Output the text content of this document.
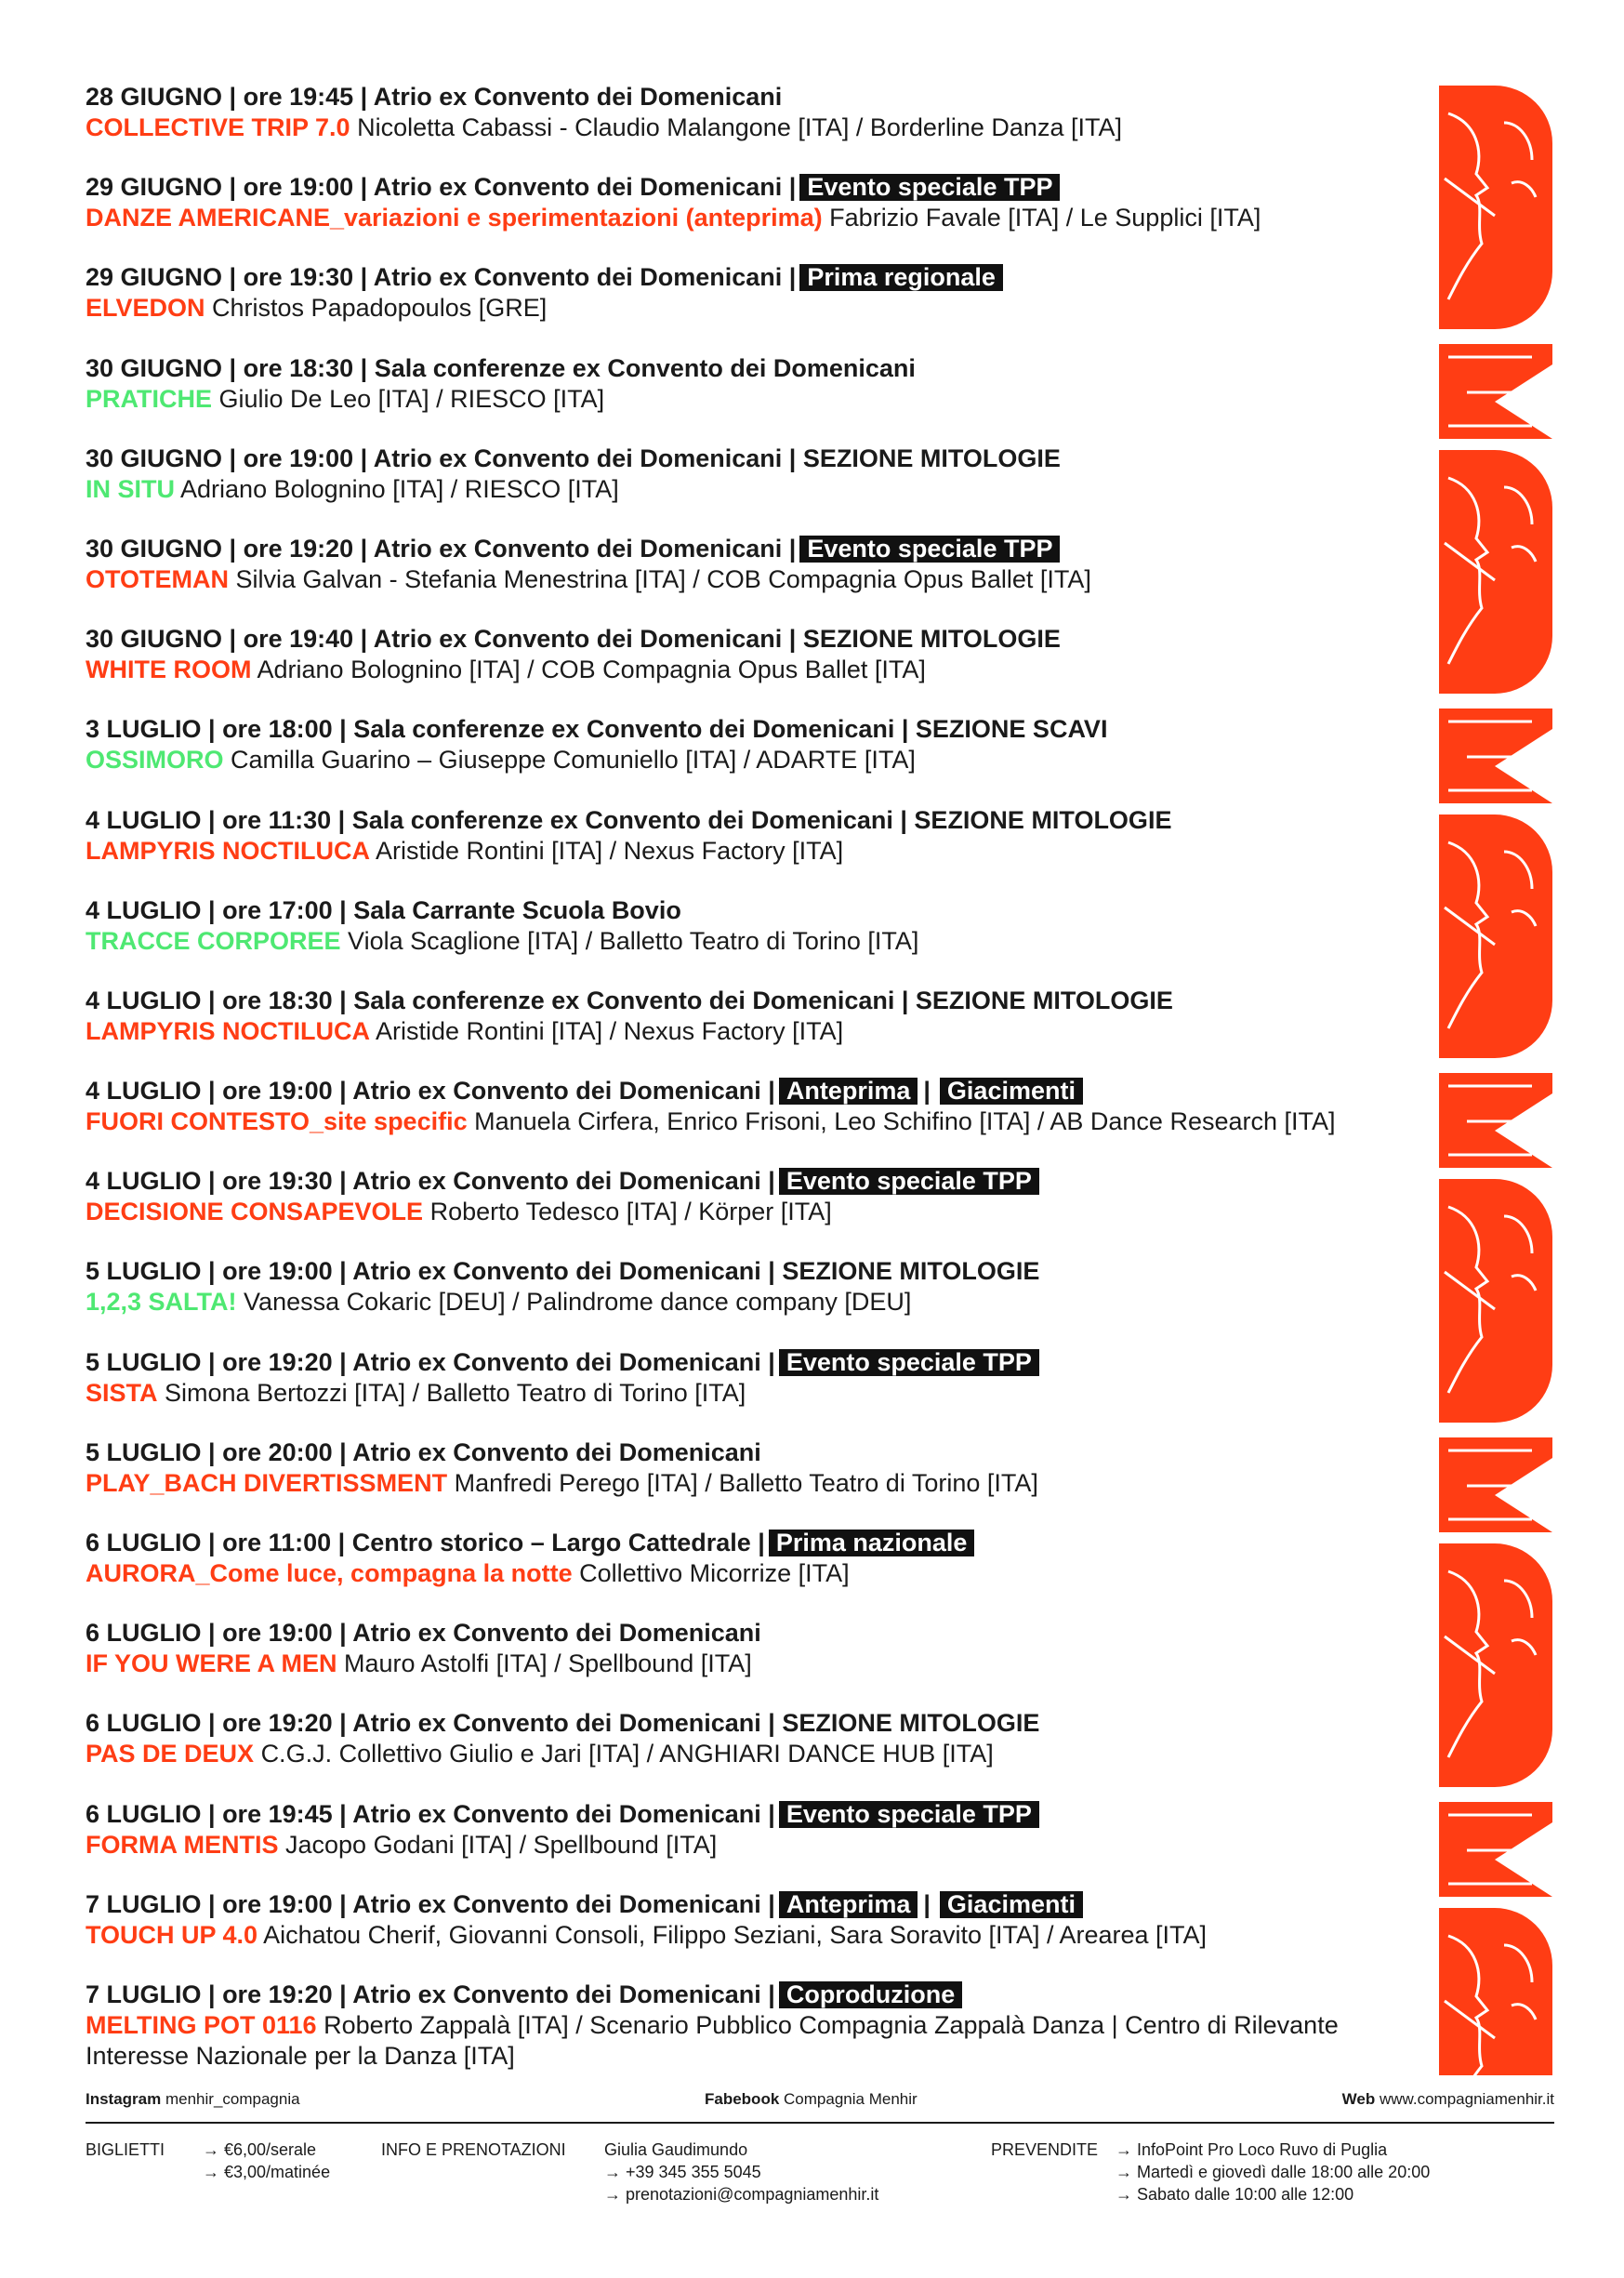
28 GIUGNO | ore 19:45 | Atrio ex Convento dei Domenicani
COLLECTIVE TRIP 7.0 Nicoletta Cabassi - Claudio Malangone [ITA] / Borderline Danza [ITA]
29 GIUGNO | ore 19:00 | Atrio ex Convento dei Domenicani | Evento speciale TPP
DANZE AMERICANE_variazioni e sperimentazioni (anteprima) Fabrizio Favale [ITA] / Le Supplici [ITA]
29 GIUGNO | ore 19:30 | Atrio ex Convento dei Domenicani | Prima regionale
ELVEDON Christos Papadopoulos [GRE]
30 GIUGNO | ore 18:30 | Sala conferenze ex Convento dei Domenicani
PRATICHE Giulio De Leo [ITA] / RIESCO [ITA]
30 GIUGNO | ore 19:00 | Atrio ex Convento dei Domenicani | SEZIONE MITOLOGIE
IN SITU Adriano Bolognino [ITA] / RIESCO [ITA]
30 GIUGNO | ore 19:20 | Atrio ex Convento dei Domenicani | Evento speciale TPP
OTOTEMAN Silvia Galvan - Stefania Menestrina [ITA] / COB Compagnia Opus Ballet [ITA]
30 GIUGNO | ore 19:40 | Atrio ex Convento dei Domenicani | SEZIONE MITOLOGIE
WHITE ROOM Adriano Bolognino [ITA] / COB Compagnia Opus Ballet [ITA]
3 LUGLIO | ore 18:00 | Sala conferenze ex Convento dei Domenicani | SEZIONE SCAVI
OSSIMORO Camilla Guarino – Giuseppe Comuniello [ITA] / ADARTE [ITA]
4 LUGLIO | ore 11:30 | Sala conferenze ex Convento dei Domenicani | SEZIONE MITOLOGIE
LAMPYRIS NOCTILUCA Aristide Rontini [ITA] / Nexus Factory [ITA]
4 LUGLIO | ore 17:00 | Sala Carrante Scuola Bovio
TRACCE CORPOREE Viola Scaglione [ITA] / Balletto Teatro di Torino [ITA]
4 LUGLIO | ore 18:30 | Sala conferenze ex Convento dei Domenicani | SEZIONE MITOLOGIE
LAMPYRIS NOCTILUCA Aristide Rontini [ITA] / Nexus Factory [ITA]
4 LUGLIO | ore 19:00 | Atrio ex Convento dei Domenicani | Anteprima | Giacimenti
FUORI CONTESTO_site specific Manuela Cirfera, Enrico Frisoni, Leo Schifino [ITA] / AB Dance Research [ITA]
4 LUGLIO | ore 19:30 | Atrio ex Convento dei Domenicani | Evento speciale TPP
DECISIONE CONSAPEVOLE Roberto Tedesco [ITA] / Körper [ITA]
5 LUGLIO | ore 19:00 | Atrio ex Convento dei Domenicani | SEZIONE MITOLOGIE
1,2,3 SALTA! Vanessa Cokaric [DEU] / Palindrome dance company [DEU]
5 LUGLIO | ore 19:20 | Atrio ex Convento dei Domenicani | Evento speciale TPP
SISTA Simona Bertozzi [ITA] / Balletto Teatro di Torino [ITA]
5 LUGLIO | ore 20:00 | Atrio ex Convento dei Domenicani
PLAY_BACH DIVERTISSMENT Manfredi Perego [ITA] / Balletto Teatro di Torino [ITA]
6 LUGLIO | ore 11:00 | Centro storico – Largo Cattedrale | Prima nazionale
AURORA_Come luce, compagna la notte Collettivo Micorrize [ITA]
6 LUGLIO | ore 19:00 | Atrio ex Convento dei Domenicani
IF YOU WERE A MEN Mauro Astolfi [ITA] / Spellbound [ITA]
6 LUGLIO | ore 19:20 | Atrio ex Convento dei Domenicani | SEZIONE MITOLOGIE
PAS DE DEUX C.G.J. Collettivo Giulio e Jari [ITA] / ANGHIARI DANCE HUB [ITA]
6 LUGLIO | ore 19:45 | Atrio ex Convento dei Domenicani | Evento speciale TPP
FORMA MENTIS Jacopo Godani [ITA] / Spellbound [ITA]
7 LUGLIO | ore 19:00 | Atrio ex Convento dei Domenicani | Anteprima | Giacimenti
TOUCH UP 4.0 Aichatou Cherif, Giovanni Consoli, Filippo Seziani, Sara Soravito [ITA] / Arearea [ITA]
7 LUGLIO | ore 19:20 | Atrio ex Convento dei Domenicani | Coproduzione
MELTING POT 0116 Roberto Zappalà [ITA] / Scenario Pubblico Compagnia Zappalà Danza | Centro di Rilevante Interesse Nazionale per la Danza [ITA]
Instagram menhir_compagnia	Fabebook Compagnia Menhir	Web www.compagniamenhir.it
BIGLIETTI → €6,00/serale
→ €3,00/matinée
INFO E PRENOTAZIONI Giulia Gaudimundo
→ +39 345 355 5045
→ prenotazioni@compagniamenhir.it
PREVENDITE → InfoPoint Pro Loco Ruvo di Puglia
→ Martedì e giovedì dalle 18:00 alle 20:00
→ Sabato dalle 10:00 alle 12:00
